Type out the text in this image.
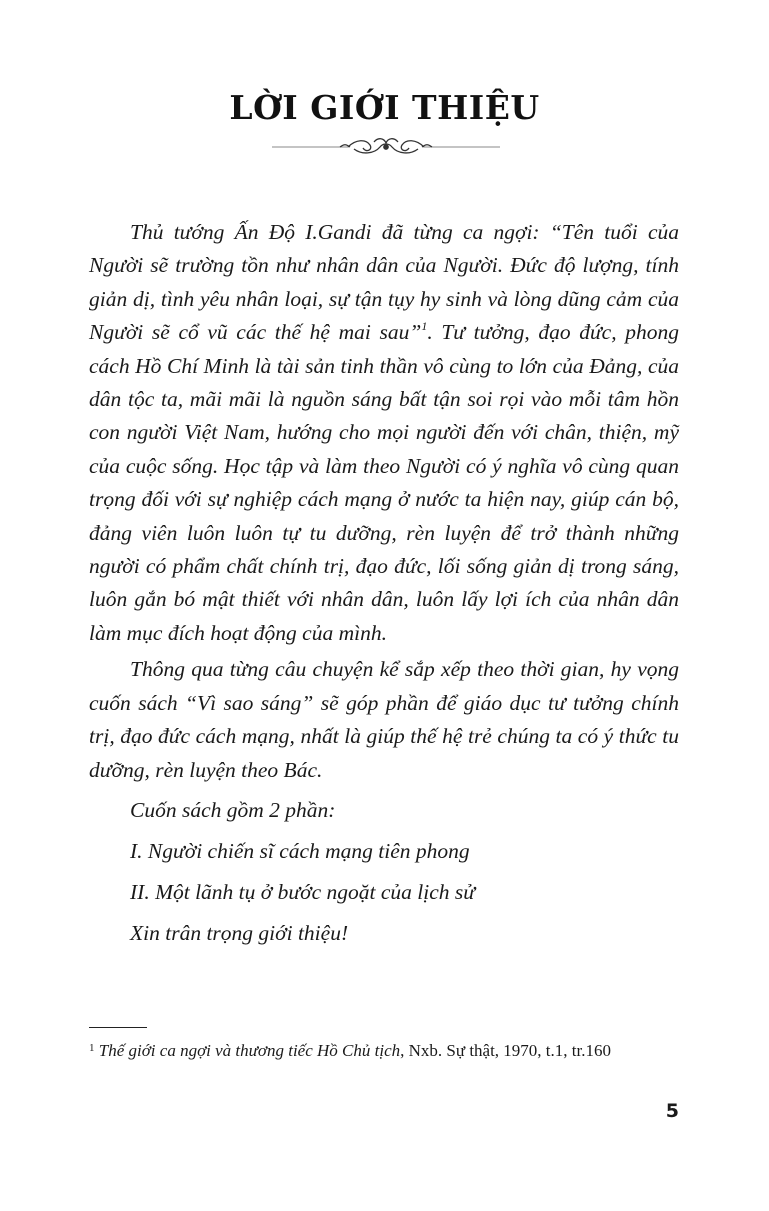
LỜI GIỚI THIỆU

Thủ tướng Ấn Độ I.Gandi đã từng ca ngợi: “Tên tuổi của Người sẽ trường tồn như nhân dân của Người. Đức độ lượng, tính giản dị, tình yêu nhân loại, sự tận tụy hy sinh và lòng dũng cảm của Người sẽ cổ vũ các thế hệ mai sau”$^1$. Tư tưởng, đạo đức, phong cách Hồ Chí Minh là tài sản tinh thần vô cùng to lớn của Đảng, của dân tộc ta, mãi mãi là nguồn sáng bất tận soi rọi vào mỗi tâm hồn con người Việt Nam, hướng cho mọi người đến với chân, thiện, mỹ của cuộc sống. Học tập và làm theo Người có ý nghĩa vô cùng quan trọng đối với sự nghiệp cách mạng ở nước ta hiện nay, giúp cán bộ, đảng viên luôn luôn tự tu dưỡng, rèn luyện để trở thành những người có phẩm chất chính trị, đạo đức, lối sống giản dị trong sáng, luôn gắn bó mật thiết với nhân dân, luôn lấy lợi ích của nhân dân làm mục đích hoạt động của mình.

Thông qua từng câu chuyện kể sắp xếp theo thời gian, hy vọng cuốn sách “Vì sao sáng” sẽ góp phần để giáo dục tư tưởng chính trị, đạo đức cách mạng, nhất là giúp thế hệ trẻ chúng ta có ý thức tu dưỡng, rèn luyện theo Bác.

Cuốn sách gồm 2 phần:

I. Người chiến sĩ cách mạng tiên phong

II. Một lãnh tụ ở bước ngoặt của lịch sử

Xin trân trọng giới thiệu!

$^1$ Thế giới ca ngợi và thương tiếc Hồ Chủ tịch, Nxb. Sự thật, 1970, t.1, tr.160
5
